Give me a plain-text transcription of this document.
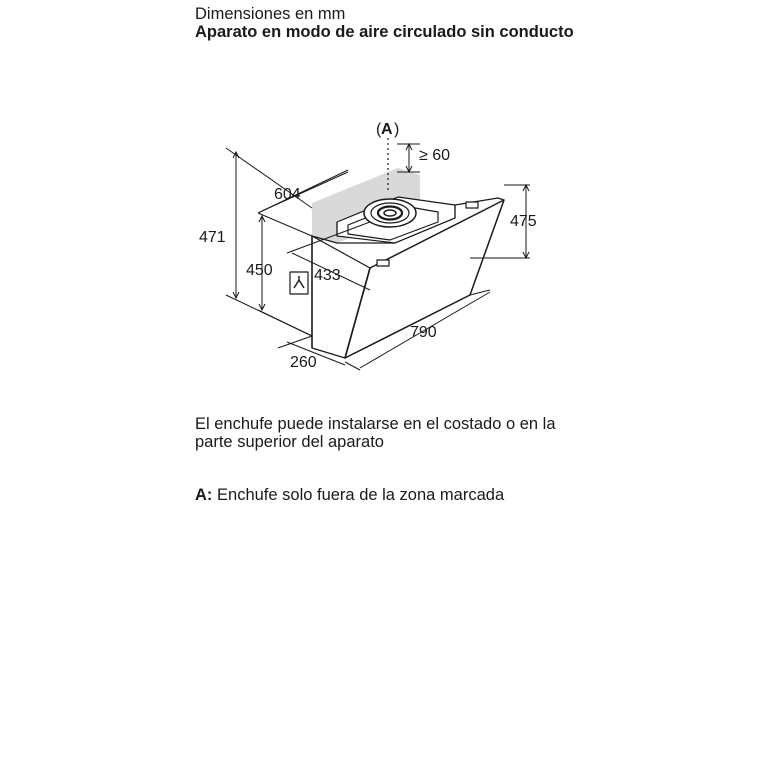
Dimensiones en mm

Aparato en modo de aire circulado sin conducto

( A )
≥ 60
604
471
450	433
475
790
260

El enchufe puede instalarse en el costado o en la parte superior del aparato

A: Enchufe solo fuera de la zona marcada
